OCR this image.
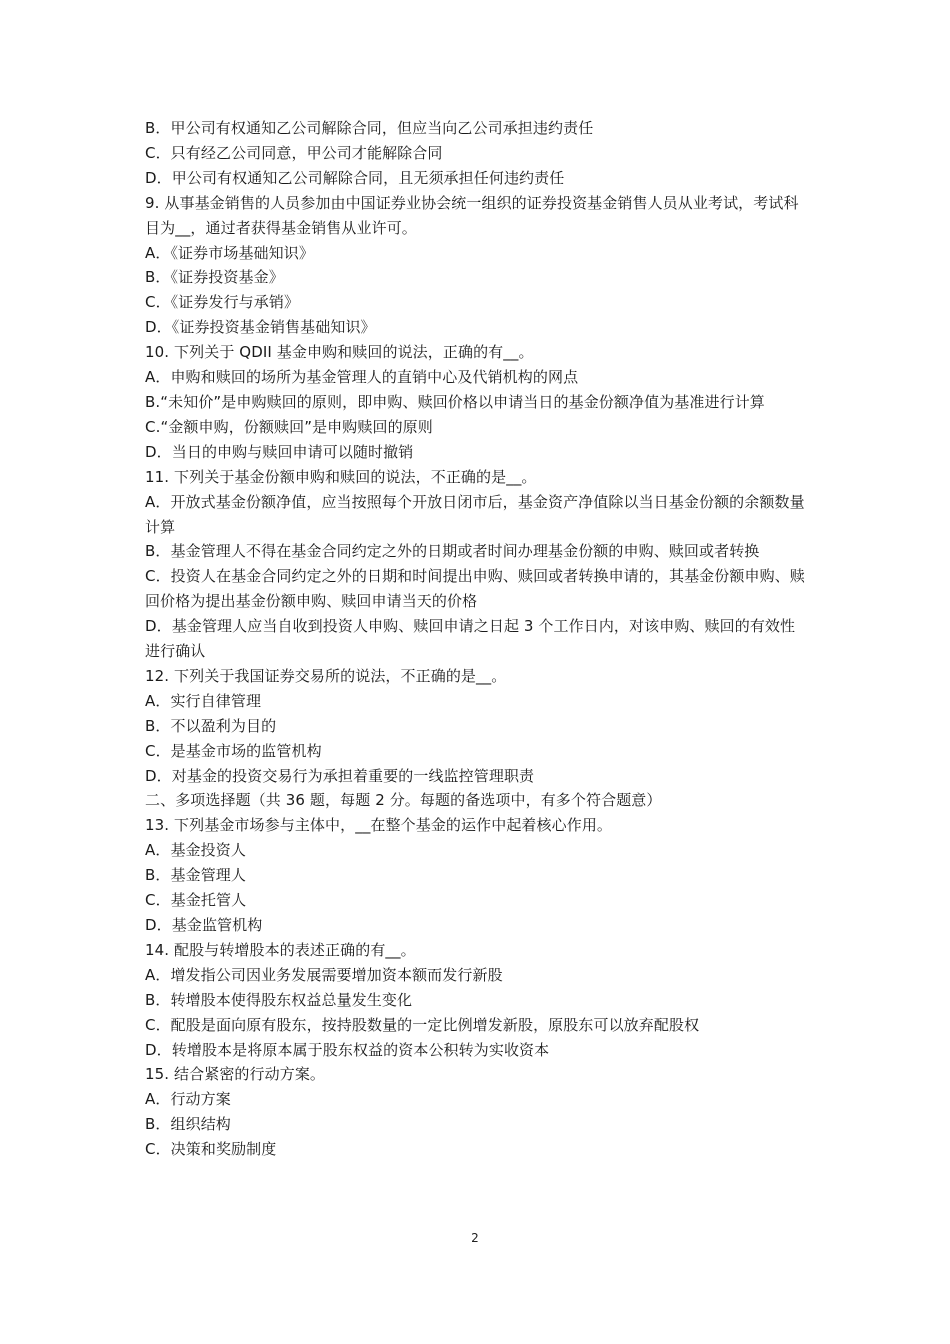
B．甲公司有权通知乙公司解除合同，但应当向乙公司承担违约责任
C．只有经乙公司同意，甲公司才能解除合同
D．甲公司有权通知乙公司解除合同，且无须承担任何违约责任
9. 从事基金销售的人员参加由中国证券业协会统一组织的证券投资基金销售人员从业考试，考试科目为__，通过者获得基金销售从业许可。
A．《证券市场基础知识》
B．《证券投资基金》
C．《证券发行与承销》
D．《证券投资基金销售基础知识》
10. 下列关于 QDII 基金申购和赎回的说法，正确的有__。
A．申购和赎回的场所为基金管理人的直销中心及代销机构的网点
B.“未知价”是申购赎回的原则，即申购、赎回价格以申请当日的基金份额净值为基准进行计算
C.“金额申购，份额赎回”是申购赎回的原则
D．当日的申购与赎回申请可以随时撤销
11. 下列关于基金份额申购和赎回的说法，不正确的是__。
A．开放式基金份额净值，应当按照每个开放日闭市后，基金资产净值除以当日基金份额的余额数量计算
B．基金管理人不得在基金合同约定之外的日期或者时间办理基金份额的申购、赎回或者转换
C．投资人在基金合同约定之外的日期和时间提出申购、赎回或者转换申请的，其基金份额申购、赎回价格为提出基金份额申购、赎回申请当天的价格
D．基金管理人应当自收到投资人申购、赎回申请之日起 3 个工作日内，对该申购、赎回的有效性进行确认
12. 下列关于我国证券交易所的说法，不正确的是__。
A．实行自律管理
B．不以盈利为目的
C．是基金市场的监管机构
D．对基金的投资交易行为承担着重要的一线监控管理职责
二、多项选择题（共 36 题，每题 2 分。每题的备选项中，有多个符合题意）
13. 下列基金市场参与主体中，__在整个基金的运作中起着核心作用。
A．基金投资人
B．基金管理人
C．基金托管人
D．基金监管机构
14. 配股与转增股本的表述正确的有__。
A．增发指公司因业务发展需要增加资本额而发行新股
B．转增股本使得股东权益总量发生变化
C．配股是面向原有股东，按持股数量的一定比例增发新股，原股东可以放弃配股权
D．转增股本是将原本属于股东权益的资本公积转为实收资本
15. 结合紧密的行动方案。
A．行动方案
B．组织结构
C．决策和奖励制度
2
